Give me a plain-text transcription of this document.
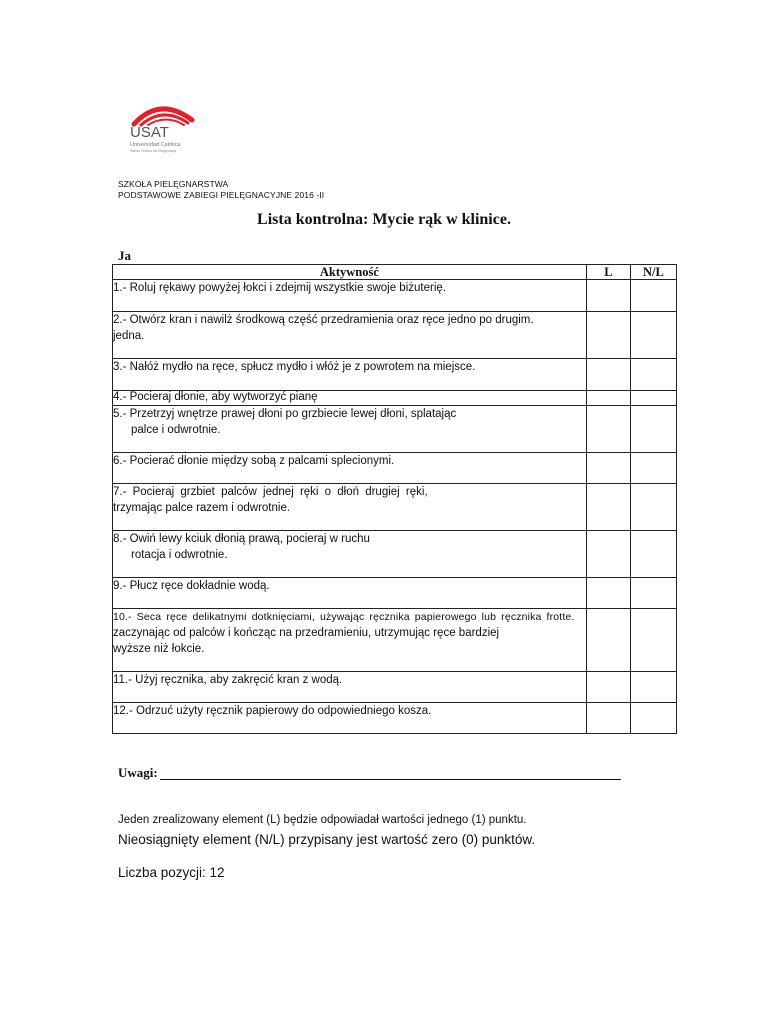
USAT
Universidad Católica
Santo Toribio de Mogrovejo
SZKOŁA PIELĘGNARSTWA
PODSTAWOWE ZABIEGI PIELĘGNACYJNE 2016 -II
Lista kontrolna: Mycie rąk w klinice.
Ja
Aktywność	L	N/L

1.- Roluj rękawy powyżej łokci i zdejmij wszystkie swoje biżuterię.		

2.- Otwórz kran i nawilż środkową część przedramienia oraz ręce jedno po drugim.
jedna.		

3.- Nałóż mydło na ręce, spłucz mydło i włóż je z powrotem na miejsce.		

4.- Pocieraj dłonie, aby wytworzyć pianę		

5.- Przetrzyj wnętrze prawej dłoni po grzbiecie lewej dłoni, splatając
palce i odwrotnie.		

6.- Pocierać dłonie między sobą z palcami splecionymi.		

7.- Pocieraj grzbiet palców jednej ręki o dłoń drugiej ręki,
trzymając palce razem i odwrotnie.		

8.- Owiń lewy kciuk dłonią prawą, pocieraj w ruchu
rotacja i odwrotnie.		

9.- Płucz ręce dokładnie wodą.		

10.- Seca ręce delikatnymi dotknięciami, używając ręcznika papierowego lub ręcznika frotte.
zaczynając od palców i kończąc na przedramieniu, utrzymując ręce bardziej
wyższe niż łokcie.		

11.- Użyj ręcznika, aby zakręcić kran z wodą.		

12.- Odrzuć użyty ręcznik papierowy do odpowiedniego kosza.		

Uwagi:
Jeden zrealizowany element (L) będzie odpowiadał wartości jednego (1) punktu.
Nieosiągnięty element (N/L) przypisany jest wartość zero (0) punktów.
Liczba pozycji: 12
